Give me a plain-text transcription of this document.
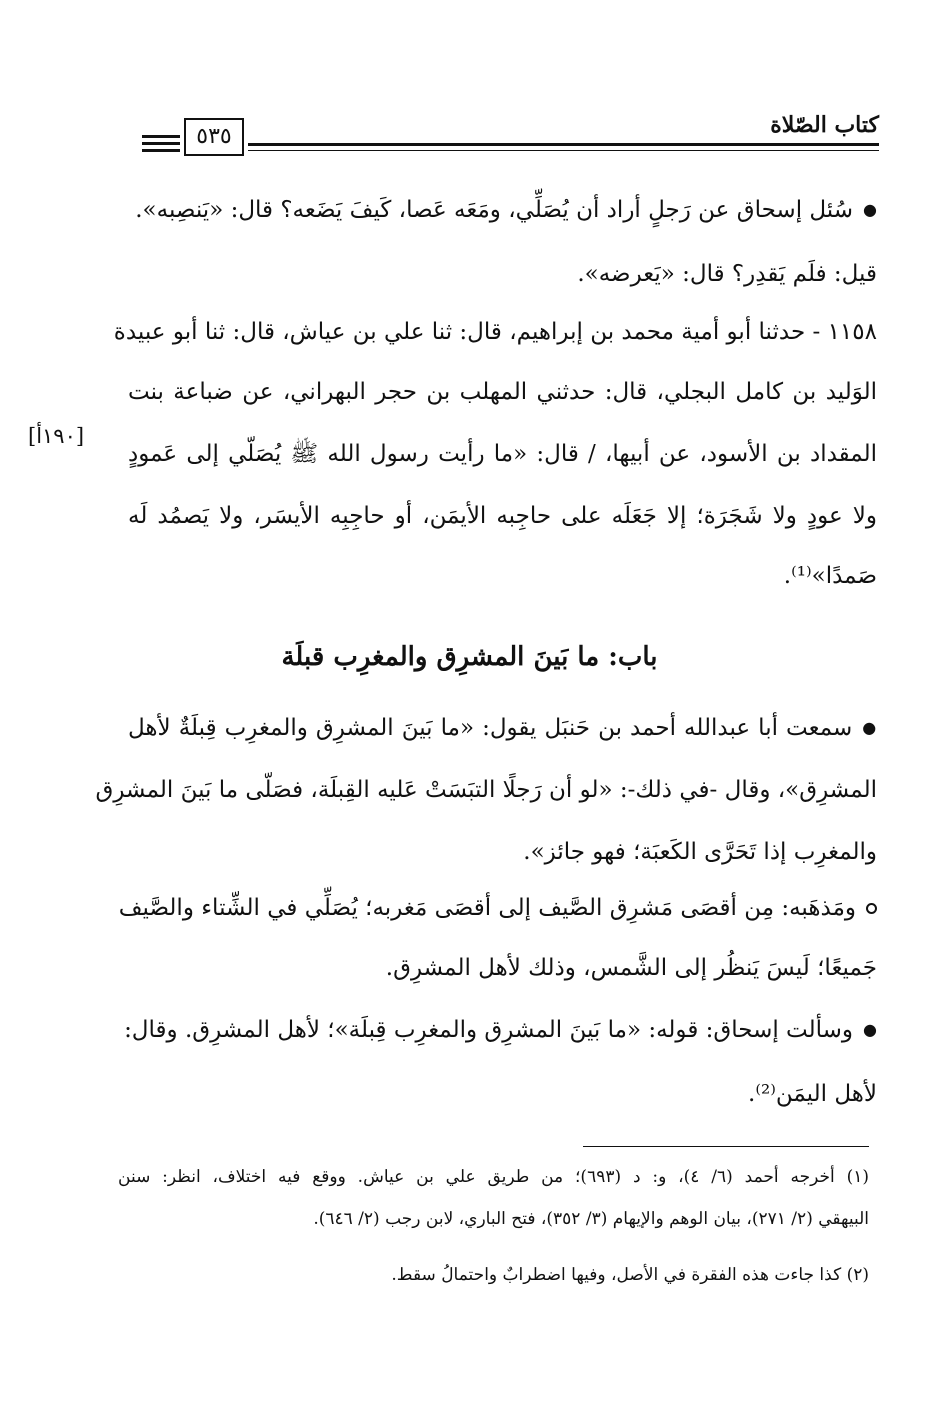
كتاب الصّلاة
٥٣٥
●سُئل إسحاق عن رَجلٍ أراد أن يُصَلِّي، ومَعَه عَصا، كَيفَ يَضَعه؟ قال: «يَنصِبه».
قيل: فلَم يَقدِر؟ قال: «يَعرضه».
١١٥٨ - حدثنا أبو أمية محمد بن إبراهيم، قال: ثنا علي بن عياش، قال: ثنا أبو عبيدة
الوَليد بن كامل البجلي، قال: حدثني المهلب بن حجر البهراني، عن ضباعة بنت
المقداد بن الأسود، عن أبيها، / قال: «ما رأيت رسول الله ﷺ يُصَلّي إلى عَمودٍ
[١٩٠أ]
ولا عودٍ ولا شَجَرَة؛ إلا جَعَلَه على حاجِبه الأيمَن، أو حاجِبِه الأيسَر، ولا يَصمُد لَه
صَمدًا»⁽¹⁾.
باب: ما بَينَ المشرِق والمغرِب قبلَة
●سمعت أبا عبدالله أحمد بن حَنبَل يقول: «ما بَينَ المشرِق والمغرِب قِبلَةٌ لأهل
المشرِق»، وقال -في ذلك-: «لو أن رَجلًا التبَسَتْ عَليه القِبلَة، فصَلّى ما بَينَ المشرِق
والمغرِب إذا تَحَرَّى الكَعبَة؛ فهو جائز».
ومَذهَبه: مِن أقصَى مَشرِق الصَّيف إلى أقصَى مَغربه؛ يُصَلِّي في الشِّتاء والصَّيف
جَميعًا؛ لَيسَ يَنظُر إلى الشَّمس، وذلك لأهل المشرِق.
●وسألت إسحاق: قوله: «ما بَينَ المشرِق والمغرِب قِبلَة»؛ لأهل المشرِق. وقال:
لأهل اليمَن⁽²⁾.
(١) أخرجه أحمد (٦/ ٤)، و: د (٦٩٣)؛ من طريق علي بن عياش. ووقع فيه اختلاف، انظر: سنن
البيهقي (٢/ ٢٧١)، بيان الوهم والإيهام (٣/ ٣٥٢)، فتح الباري، لابن رجب (٢/ ٦٤٦).
(٢) كذا جاءت هذه الفقرة في الأصل، وفيها اضطرابٌ واحتمالُ سقط.
